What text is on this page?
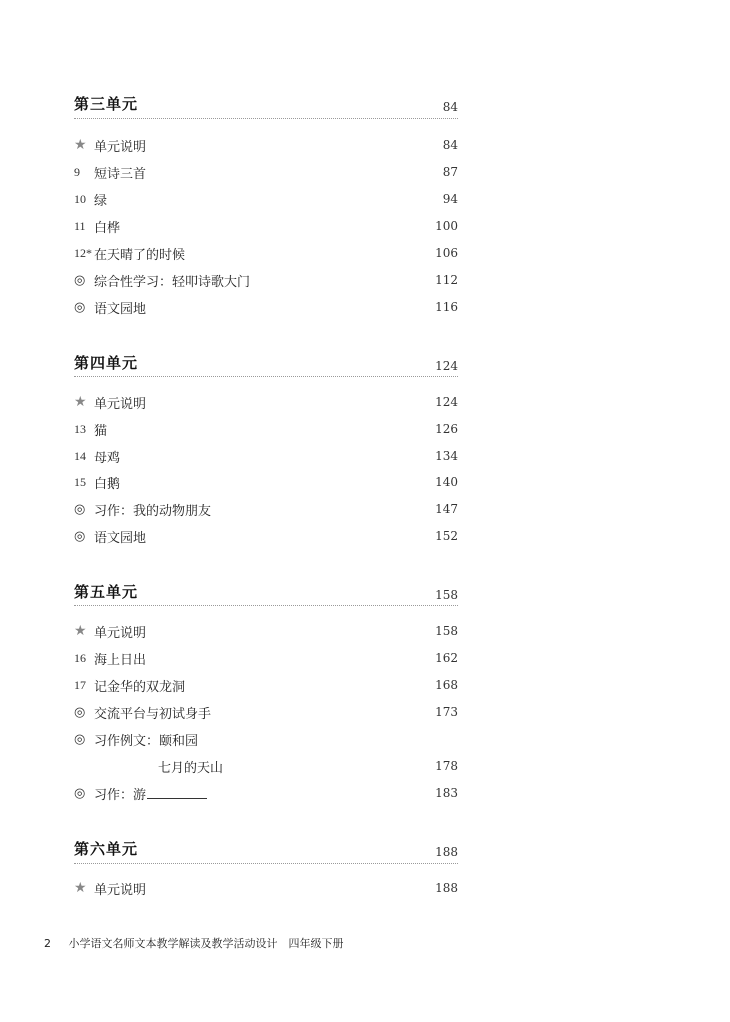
第三单元	84
★ 单元说明	84
9	短诗三首	87
10 绿	94
11 白桦	100
12* 在天晴了的时候	106
◎ 综合性学习：轻叩诗歌大门	112
◎ 语文园地	116
第四单元	124
★ 单元说明	124
13 猫	126
14 母鸡	134
15 白鹅	140
◎ 习作：我的动物朋友	147
◎ 语文园地	152
第五单元	158
★ 单元说明	158
16 海上日出	162
17 记金华的双龙洞	168
◎ 交流平台与初试身手	173
◎ 习作例文：颐和园
七月的天山	178
◎ 习作：游	183
第六单元	188
★ 单元说明	188
2 小学语文名师文本教学解读及教学活动设计　四年级下册
